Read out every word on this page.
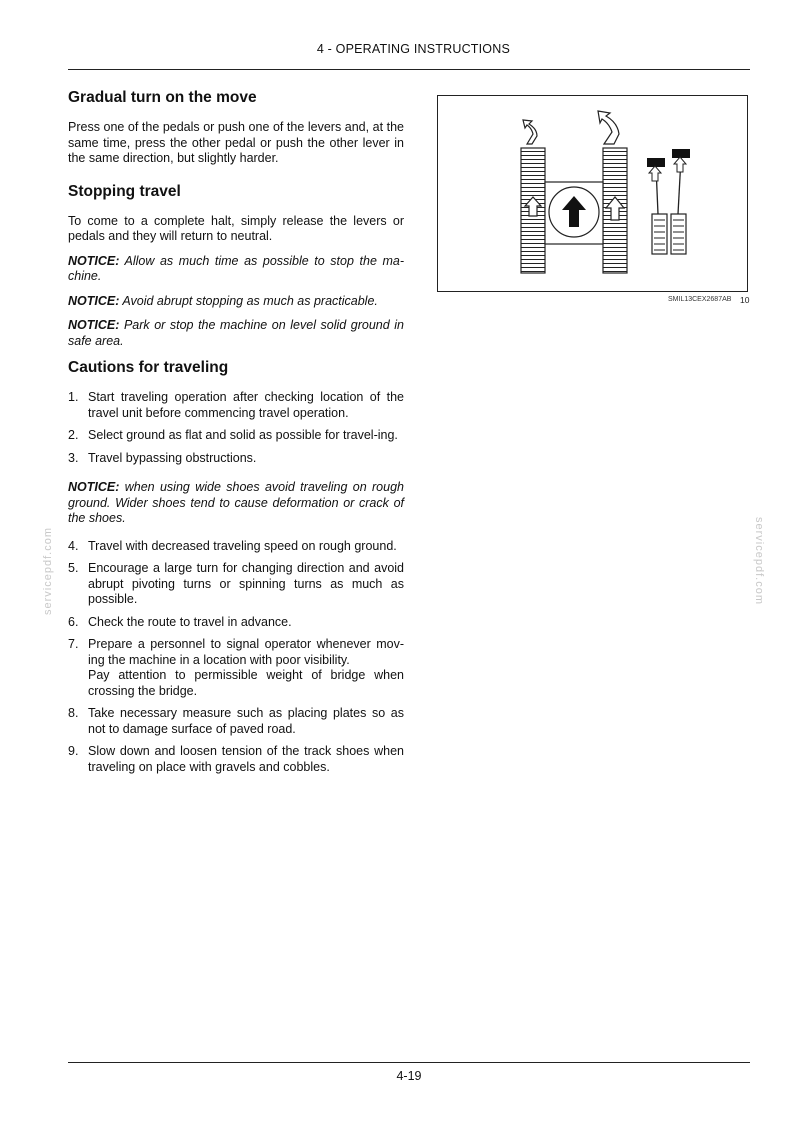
4 - OPERATING INSTRUCTIONS
Gradual turn on the move

Press one of the pedals or push one of the levers and, at the same time, press the other pedal or push the other lever in the same direction, but slightly harder.

Stopping travel

To come to a complete halt, simply release the levers or pedals and they will return to neutral.

NOTICE: Allow as much time as possible to stop the ma-chine.

NOTICE: Avoid abrupt stopping as much as practicable.

NOTICE: Park or stop the machine on level solid ground in safe area.

Cautions for traveling
1. Start traveling operation after checking location of the travel unit before commencing travel operation.
2. Select ground as flat and solid as possible for travel-ing.
3. Travel bypassing obstructions.

NOTICE: when using wide shoes avoid traveling on rough ground. Wider shoes tend to cause deformation or crack of the shoes.

4. Travel with decreased traveling speed on rough ground.
5. Encourage a large turn for changing direction and avoid abrupt pivoting turns or spinning turns as much as possible.
6. Check the route to travel in advance.
7. Prepare a personnel to signal operator whenever mov-ing the machine in a location with poor visibility.
Pay attention to permissible weight of bridge when crossing the bridge.
8. Take necessary measure such as placing plates so as not to damage surface of paved road.
9. Slow down and loosen tension of the track shoes when traveling on place with gravels and cobbles.
SMIL13CEX2687AB 10
servicepdf.com	servicepdf.com
4-19
